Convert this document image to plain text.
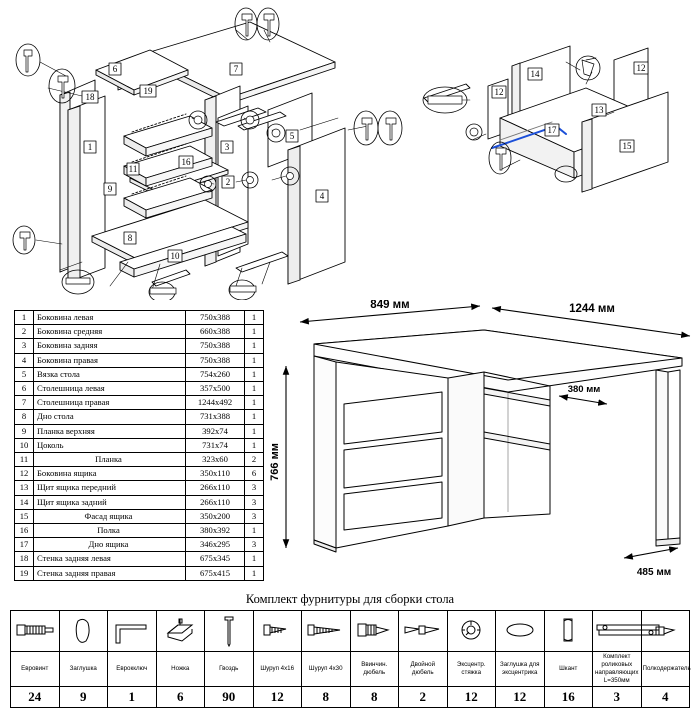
1
6	7
18
19
8
10
16
3
2
5
4
9
11
14
12
12
13
17
15
1	Боковина левая	750х388	1
2	Боковина средняя	660х388	1
3	Боковина задняя	750х388	1
4	Боковина правая	750х388	1
5	Вязка стола	754х260	1
6	Столешница левая	357х500	1
7	Столешница правая	1244х492	1
8	Дно стола	731х388	1
9	Планка верхняя	392х74	1
10	Цоколь	731х74	1
11	Планка	323х60	2
12	Боковина ящика	350х110	6
13	Щит ящика передний	266х110	3
14	Щит ящика задний	266х110	3
15	Фасад ящика	350х200	3
16	Полка	380х392	1
17	Дно ящика	346х295	3
18	Стенка задняя левая	675х345	1
19	Стенка задняя правая	675х415	1
849 мм	1244 мм
766 мм
380 мм
485 мм
Комплект фурнитуры для сборки стола

Евровинт	Заглушка	Еврокключ	Ножка	Гвоздь	Шуруп 4х16	Шуруп 4х30	Ввинчин. дюбель	Двойной дюбель	Эксцентр. стяжка	Заглушка для эксцентрика	Шкант	Комплект роликовых направляющих L=350мм	Полкодержатель
24	9	1	6	90	12	8	8	2	12	12	16	3	4
